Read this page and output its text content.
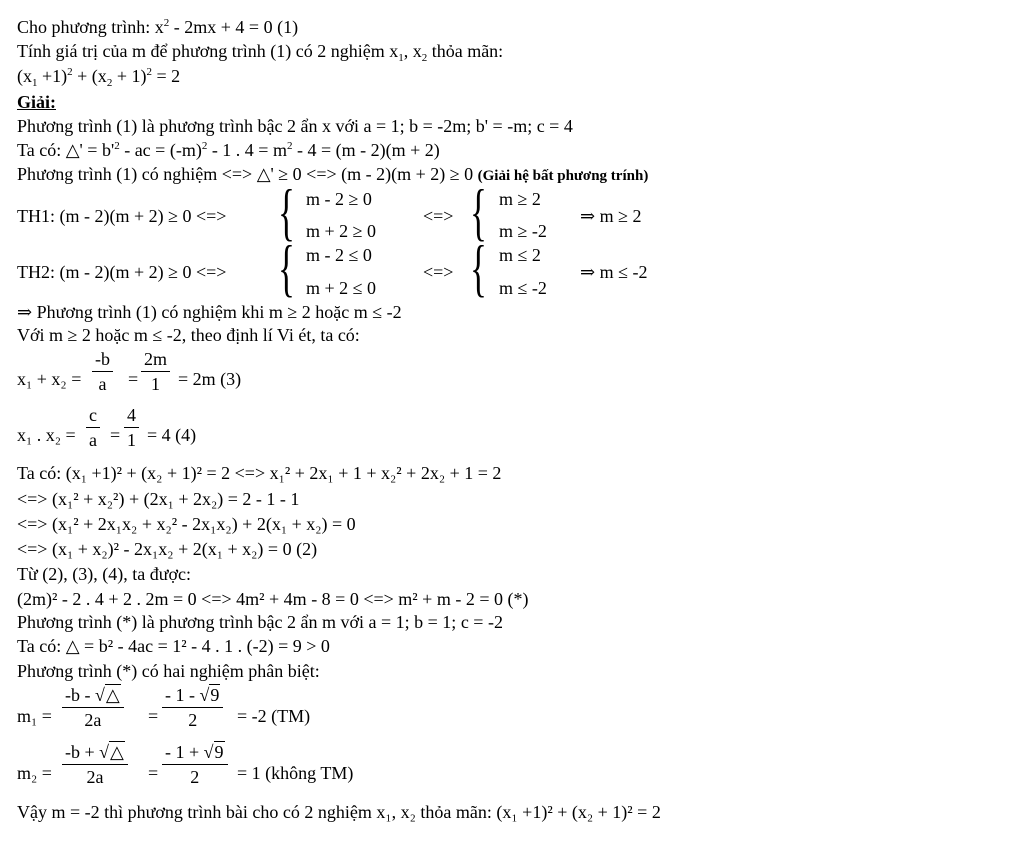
Cho phương trình: $x^2 - 2mx + 4 = 0$ (1)
Tính giá trị của m để phương trình (1) có 2 nghiệm $x_1$, $x_2$ thỏa mãn:
$(x_1 +1)^2 + (x_2 + 1)^2 = 2$
Giải:
Phương trình (1) là phương trình bậc 2 ẩn x với a = 1; b = -2m; b' = -m; c = 4
Ta có: △' = $b'^2$ - ac = $(-m)^2 - 1$ . $4 = m^2 - 4 = (m - 2)(m + 2)$
Phương trình (1) có nghiệm <=> △' ≥ 0 <=> (m - 2)(m + 2) ≥ 0 (Giải hệ bất phương trính)
TH1: (m - 2)(m + 2) ≥ 0 <=> { m - 2 ≥ 0
m + 2 ≥ 0
<=> { m ≥ 2
m ≥ -2
⇒ m ≥ 2
TH2: (m - 2)(m + 2) ≥ 0 <=> { m - 2 ≤ 0
m + 2 ≤ 0
<=> { m ≤ 2
m ≤ -2
⇒ m ≤ -2
⇒ Phương trình (1) có nghiệm khi m ≥ 2 hoặc m ≤ -2
Với m ≥ 2 hoặc m ≤ -2, theo định lí Vi ét, ta có:
x₁ + x₂ =
-b
a	=
2m
1	= 2m (3)
x₁ . x₂ =
c
a =
4
1 = 4 (4)
Ta có: (x₁ +1)² + (x₂ + 1)² = 2 <=> x₁² + 2x₁ + 1 + x₂² + 2x₂ + 1 = 2
<=> (x₁² + x₂²) + (2x₁ + 2x₂) = 2 - 1 - 1
<=> (x₁² + 2x₁x₂ + x₂² - 2x₁x₂) + 2(x₁ + x₂) = 0
<=> (x₁ + x₂)² - 2x₁x₂ + 2(x₁ + x₂) = 0 (2)
Từ (2), (3), (4), ta được:
(2m)² - 2 . 4 + 2 . 2m = 0 <=> 4m² + 4m - 8 = 0 <=> m² + m - 2 = 0 (*)
Phương trình (*) là phương trình bậc 2 ẩn m với a = 1; b = 1; c = -2
Ta có: △ = b² - 4ac = 1² - 4 . 1 . (-2) = 9 > 0
Phương trình (*) có hai nghiệm phân biệt:
m₁ =
-b - √△
2a	=
- 1 - √9
2	= -2 (TM)
m₂ =
-b + √△
2a	=
- 1 + √9
2	= 1 (không TM)
Vậy m = -2 thì phương trình bài cho có 2 nghiệm x₁, x₂ thỏa mãn: (x₁ +1)² + (x₂ + 1)² = 2
